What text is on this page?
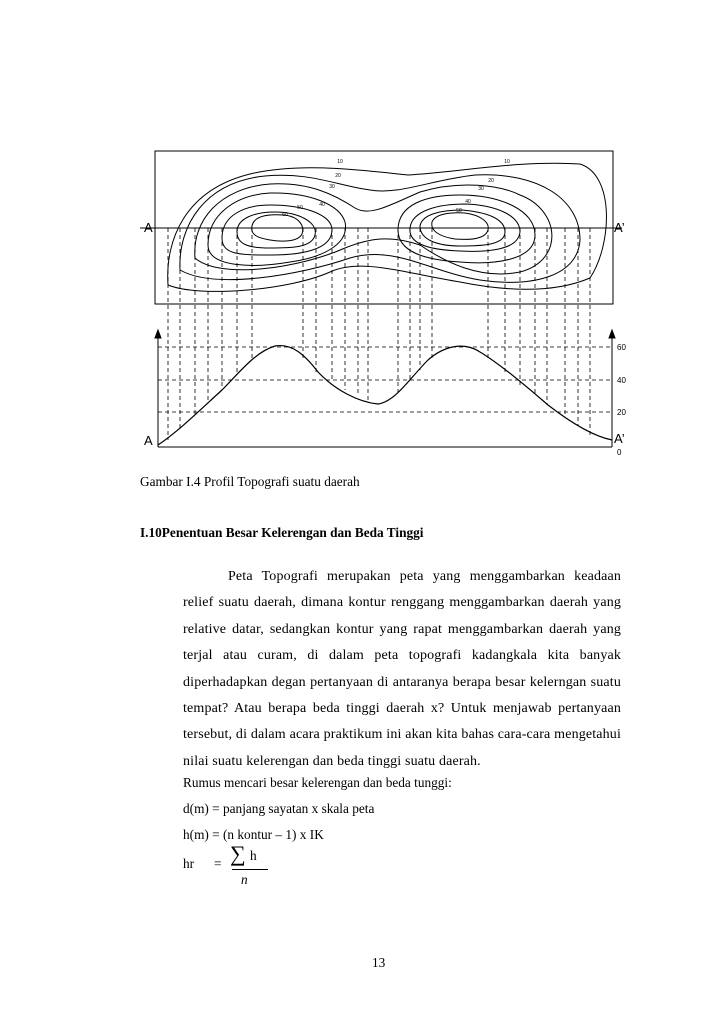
10
20
30
40
50
60
10
20
30
40
50
A	A’
60
40
20
0
A	A’
Gambar I.4 Profil Topografi suatu daerah
I.10Penentuan Besar Kelerengan dan Beda Tinggi

Peta Topografi merupakan peta yang menggambarkan keadaan relief suatu daerah, dimana kontur renggang menggambarkan daerah yang relative datar, sedangkan kontur yang rapat menggambarkan daerah yang terjal atau curam, di dalam peta topografi kadangkala kita banyak diperhadapkan degan pertanyaan di antaranya berapa besar kelerngan suatu tempat? Atau berapa beda tinggi daerah x? Untuk menjawab pertanyaan tersebut, di dalam acara praktikum ini akan kita bahas cara-cara mengetahui nilai suatu kelerengan dan beda tinggi suatu daerah.

Rumus mencari besar kelerengan dan beda tunggi:
d(m) = panjang sayatan x skala peta
h(m) = (n kontur – 1) x IK
hr = ∑ h
n
13
